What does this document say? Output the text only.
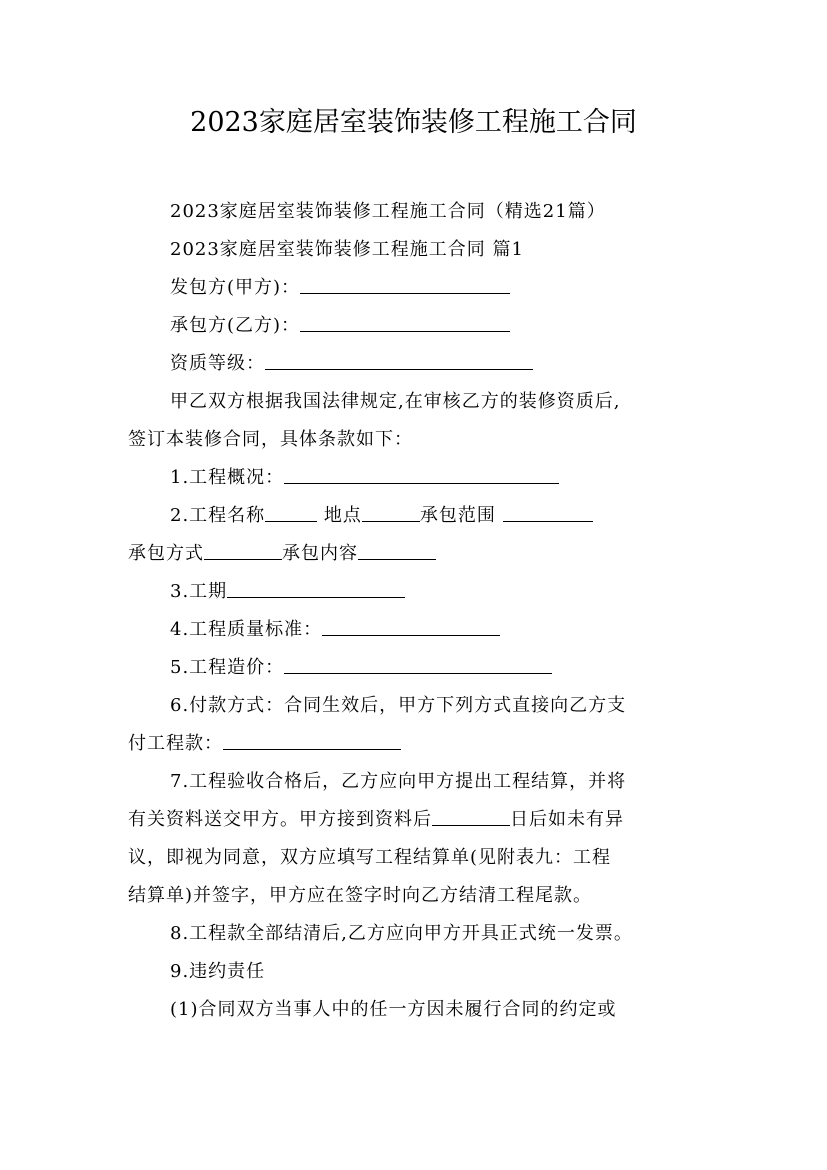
2023家庭居室装饰装修工程施工合同

2023家庭居室装饰装修工程施工合同（精选21篇）

2023家庭居室装饰装修工程施工合同 篇1

发包方(甲方)：

承包方(乙方)：

资质等级：

甲乙双方根据我国法律规定,在审核乙方的装修资质后,

签订本装修合同，具体条款如下：

1.工程概况：

2.工程名称	地点	承包范围

承包方式	承包内容

3.工期

4.工程质量标准：

5.工程造价：

6.付款方式：合同生效后，甲方下列方式直接向乙方支

付工程款：

7.工程验收合格后，乙方应向甲方提出工程结算，并将

有关资料送交甲方。甲方接到资料后	日后如未有异

议，即视为同意，双方应填写工程结算单(见附表九：工程

结算单)并签字，甲方应在签字时向乙方结清工程尾款。

8.工程款全部结清后,乙方应向甲方开具正式统一发票。

9.违约责任

(1)合同双方当事人中的任一方因未履行合同的约定或
